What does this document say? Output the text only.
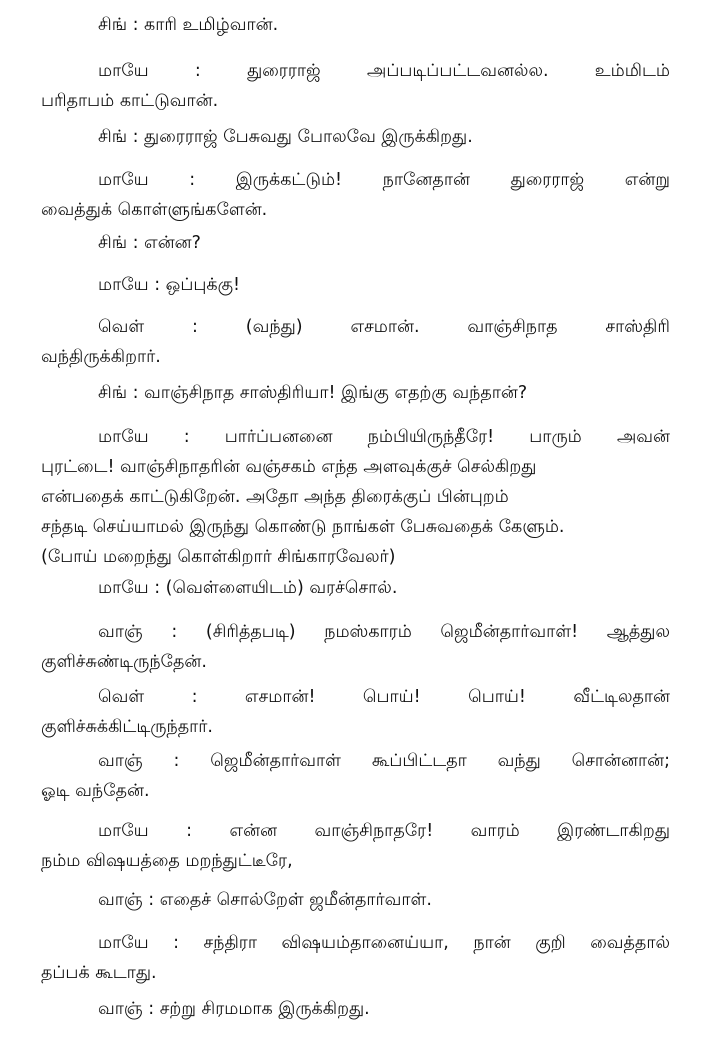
சிங் : காரி உமிழ்வான்.

மாயே : துரைராஜ் அப்படிப்பட்டவனல்ல. உம்மிடம்
பரிதாபம் காட்டுவான்.

சிங் : துரைராஜ் பேசுவது போலவே இருக்கிறது.

மாயே : இருக்கட்டும்! நானேதான் துரைராஜ் என்று
வைத்துக் கொள்ளுங்களேன்.

சிங் : என்ன?

மாயே : ஒப்புக்கு!

வெள் : (வந்து) எசமான். வாஞ்சிநாத சாஸ்திரி
வந்திருக்கிறார்.

சிங் : வாஞ்சிநாத சாஸ்திரியா! இங்கு எதற்கு வந்தான்?

மாயே : பார்ப்பனனை நம்பியிருந்தீரே! பாரும் அவன்
புரட்டை! வாஞ்சிநாதரின் வஞ்சகம் எந்த அளவுக்குச் செல்கிறது
என்பதைக் காட்டுகிறேன். அதோ அந்த திரைக்குப் பின்புறம்
சந்தடி செய்யாமல் இருந்து கொண்டு நாங்கள் பேசுவதைக் கேளும்.
(போய் மறைந்து கொள்கிறார் சிங்காரவேலர்)

மாயே : (வெள்ளையிடம்) வரச்சொல்.

வாஞ் : (சிரித்தபடி) நமஸ்காரம் ஜெமீன்தார்வாள்! ஆத்துல
குளிச்சுண்டிருந்தேன்.

வெள் : எசமான்! பொய்! பொய்! வீட்டிலதான்
குளிச்சுக்கிட்டிருந்தார்.

வாஞ் : ஜெமீன்தார்வாள் கூப்பிட்டதா வந்து சொன்னான்;
ஓடி வந்தேன்.

மாயே : என்ன வாஞ்சிநாதரே! வாரம் இரண்டாகிறது
நம்ம விஷயத்தை மறந்துட்டீரே,

வாஞ் : எதைச் சொல்றேள் ஜமீன்தார்வாள்.

மாயே : சந்திரா விஷயம்தானைய்யா, நான் குறி வைத்தால்
தப்பக் கூடாது.

வாஞ் : சற்று சிரமமாக இருக்கிறது.
